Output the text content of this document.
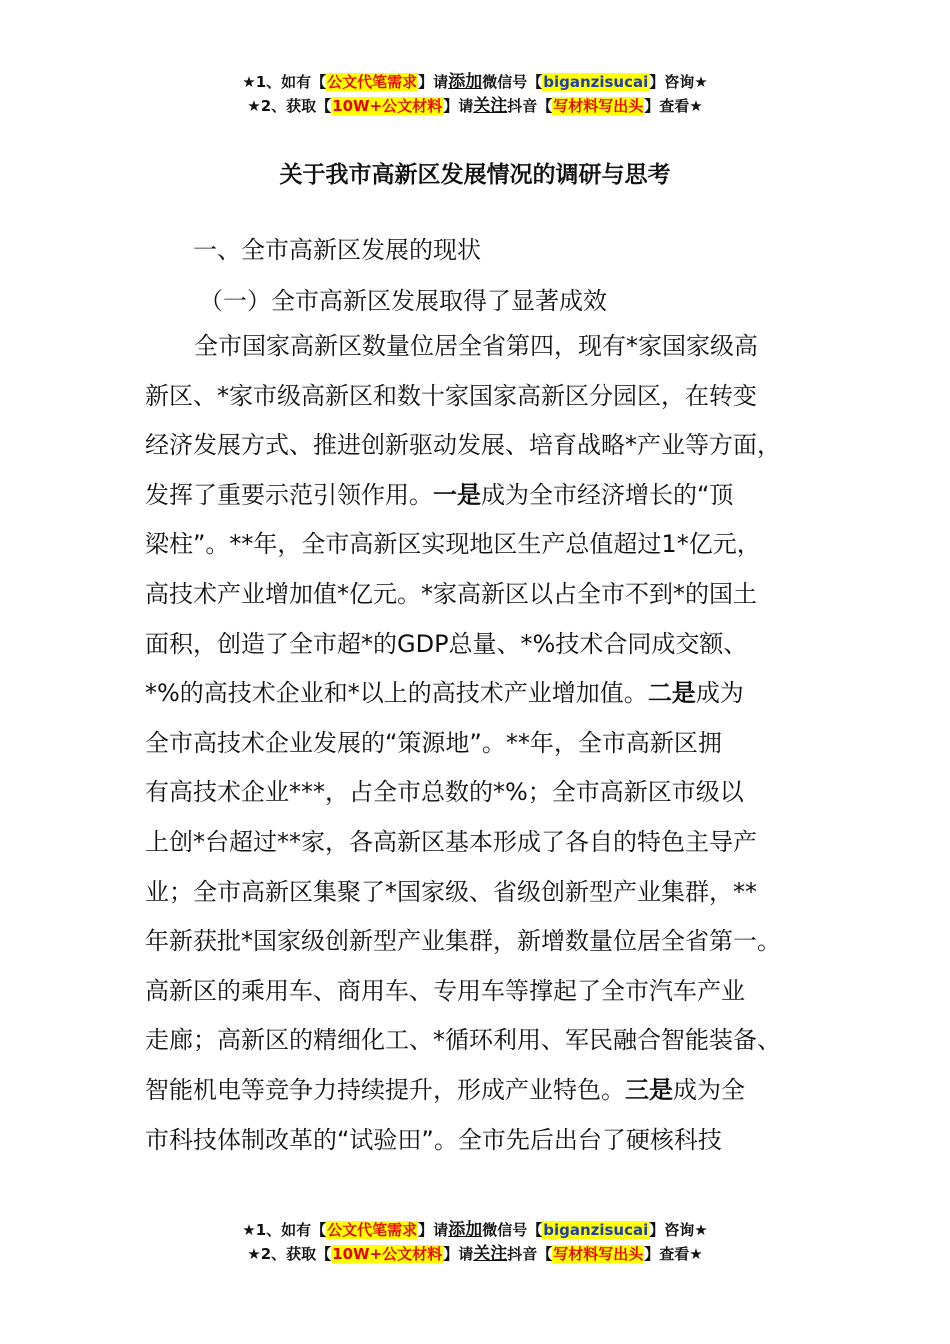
★1、如有【公文代笔需求】请添加微信号【biganzisucai】咨询★
★2、获取【10W+公文材料】请关注抖音【写材料写出头】查看★
关于我市高新区发展情况的调研与思考
一、全市高新区发展的现状
（一）全市高新区发展取得了显著成效
全市国家高新区数量位居全省第四，现有*家国家级高
新区、*家市级高新区和数十家国家高新区分园区，在转变
经济发展方式、推进创新驱动发展、培育战略*产业等方面，
发挥了重要示范引领作用。一是成为全市经济增长的“顶
梁柱”。**年，全市高新区实现地区生产总值超过1*亿元，
高技术产业增加值*亿元。*家高新区以占全市不到*的国土
面积，创造了全市超*的GDP总量、*%技术合同成交额、
*%的高技术企业和*以上的高技术产业增加值。二是成为
全市高技术企业发展的“策源地”。**年，全市高新区拥
有高技术企业***，占全市总数的*%；全市高新区市级以
上创*台超过**家，各高新区基本形成了各自的特色主导产
业；全市高新区集聚了*国家级、省级创新型产业集群，**
年新获批*国家级创新型产业集群，新增数量位居全省第一。
高新区的乘用车、商用车、专用车等撑起了全市汽车产业
走廊；高新区的精细化工、*循环利用、军民融合智能装备、
智能机电等竞争力持续提升，形成产业特色。三是成为全
市科技体制改革的“试验田”。全市先后出台了硬核科技
★1、如有【公文代笔需求】请添加微信号【biganzisucai】咨询★
★2、获取【10W+公文材料】请关注抖音【写材料写出头】查看★
